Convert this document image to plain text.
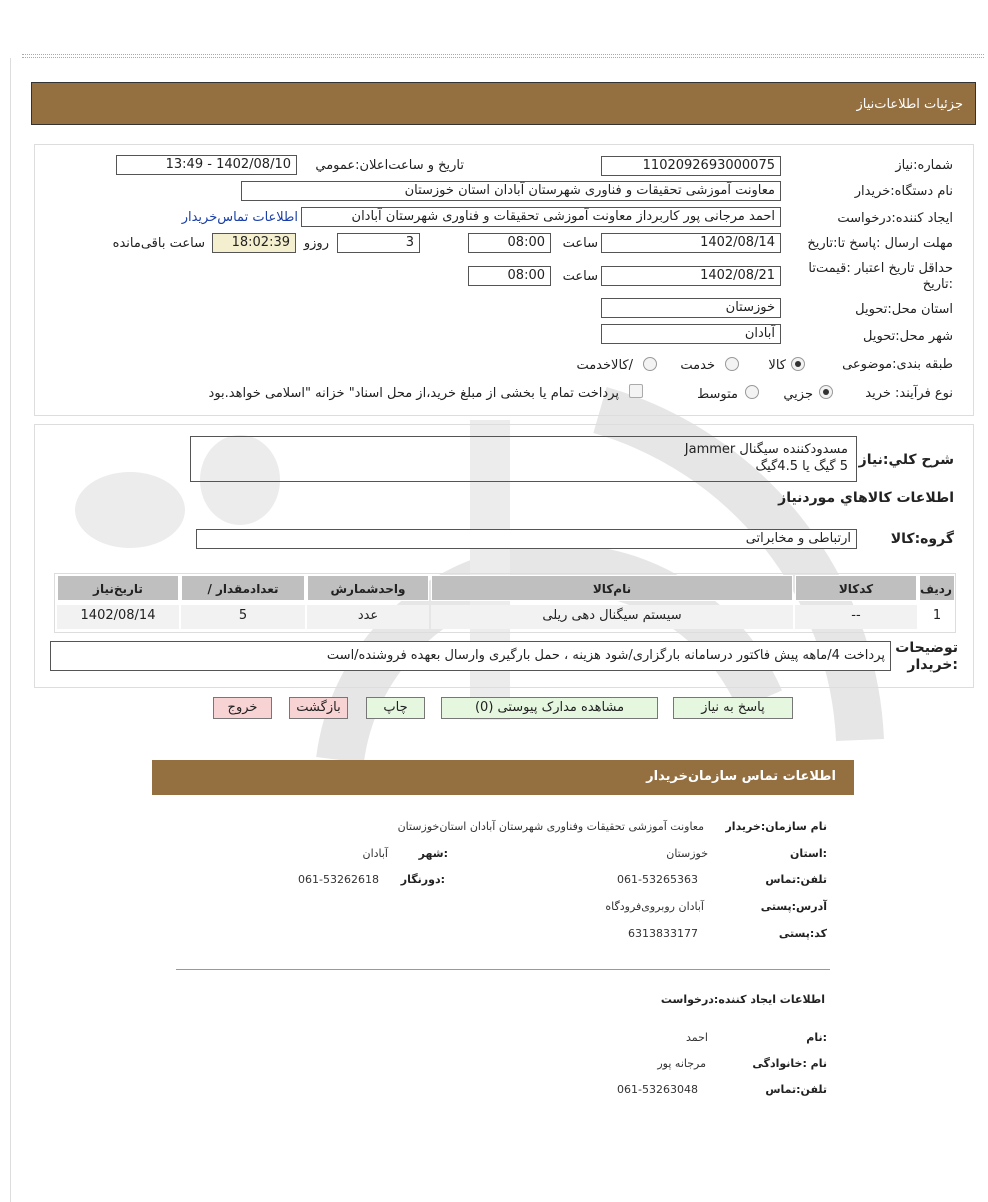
جزئیات اطلاعات‌نیاز
شماره:نیاز
1102092693000075
تاریخ و ساعت‌اعلان:عمومي
1402/08/10 - 13:49
نام دستگاه:خریدار
معاونت آموزشی تحقیقات و فناوری شهرستان آبادان استان خوزستان
ایجاد کننده:درخواست
احمد مرجانی پور کاربرداز معاونت آموزشی تحقیقات و فناوری شهرستان آبادان
اطلاعات تماس‌خریدار
مهلت ارسال :پاسخ تا:تاریخ
1402/08/14
ساعت
08:00
3
روزو
18:02:39
ساعت باقی‌مانده
حداقل تاریخ اعتبار :قیمت‌تا :تاریخ
1402/08/21
ساعت
08:00
استان محل:تحویل
خوزستان
شهر محل:تحویل
آبادان
طبقه بندی:موضوعی
کالا
خدمت
/کالاخدمت
نوع فرآیند: خرید
جزيي
متوسط
پرداخت تمام یا بخشی از مبلغ خرید،از محل اسناد" خزانه "اسلامی خواهد.بود
شرح کلي:نیاز
مسدودکننده سیگنال Jammer
5 گیگ یا 4.5گیگ
اطلاعات کالاهاي مورد‌نیاز
گروه:کالا
ارتباطی و مخابراتی
ردیف
کدکالا
نام‌کالا
واحدشمارش
/ تعدادمقدار
تاریخ‌نیاز
1
--
سیستم سیگنال دهی ریلی
عدد
5
1402/08/14
توضیحات :خریدار
پرداخت 4/ماهه پیش فاکتور درسامانه بارگزاری/شود هزینه ، حمل بارگیری وارسال بعهده فروشنده/است
پاسخ به نیاز
مشاهده مدارک پیوستی (0)
چاپ
بازگشت
خروج
اطلاعات تماس سازمان‌خریدار
نام سازمان:خریدار
معاونت آموزشی تحقیقات وفناوری شهرستان آبادان استان‌خوزستان
:استان
خوزستان
:شهر
آبادان
تلفن:تماس
061-53265363
:دورنگار
061-53262618
آدرس:پستی
آبادان روبروی‌فرودگاه
کد:پستی
6313833177
اطلاعات ایجاد کننده:درخواست
:نام
احمد
نام :خانوادگی
مرجانه پور
تلفن:تماس
061-53263048
